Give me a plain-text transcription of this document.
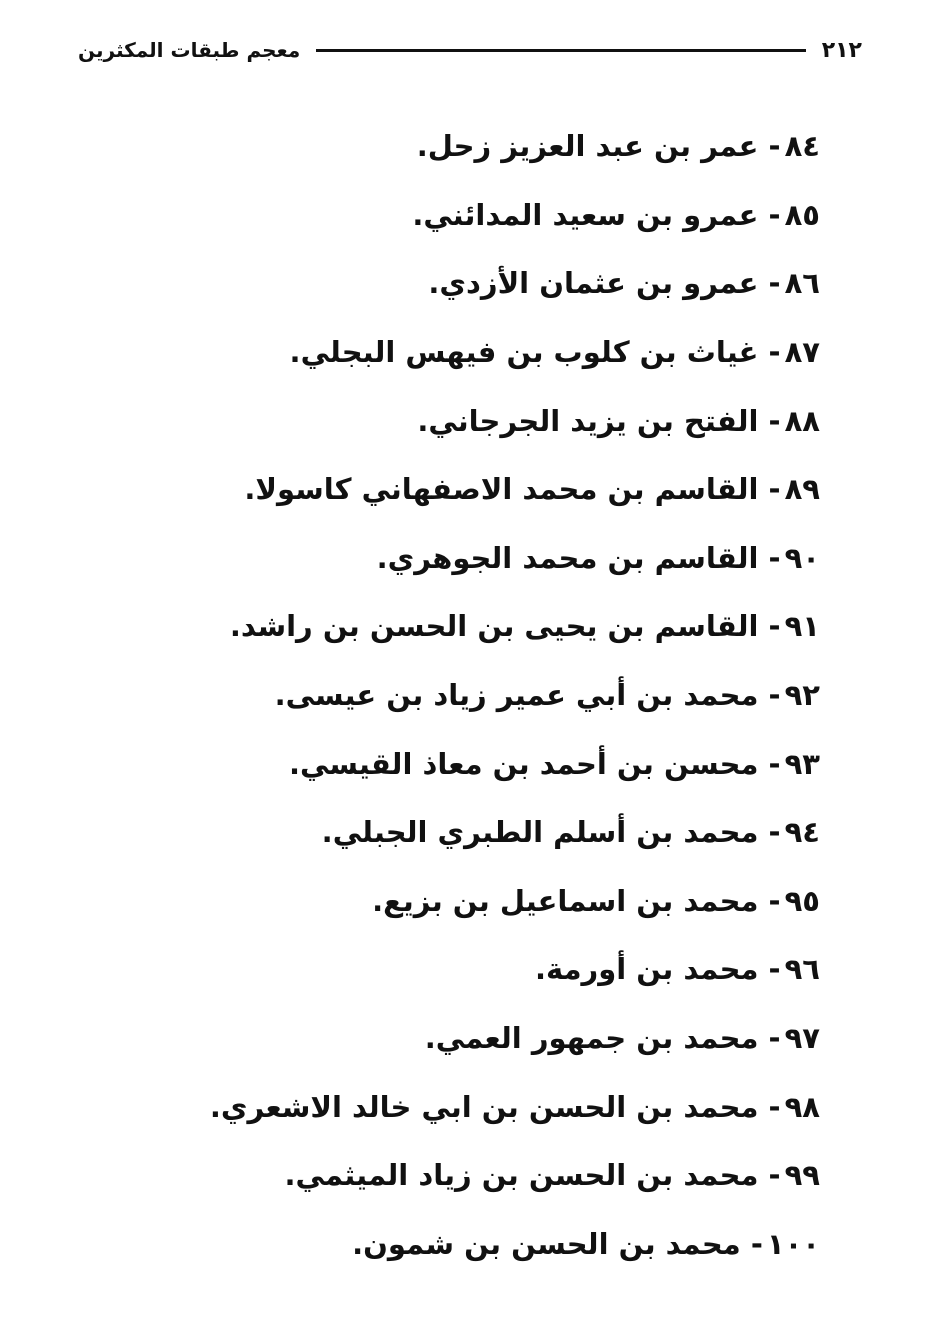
٢١٢
معجم طبقات المكثرين
٨٤
-

عمر بن عبد العزيز زحل.
٨٥
-

عمرو بن سعيد المدائني.
٨٦
-

عمرو بن عثمان الأزدي.
٨٧
-

غياث بن كلوب بن فيهس البجلي.
٨٨
-

الفتح بن يزيد الجرجاني.
٨٩
-

القاسم بن محمد الاصفهاني كاسولا.
٩٠
-

القاسم بن محمد الجوهري.
٩١
-

القاسم بن يحيى بن الحسن بن راشد.
٩٢
-

محمد بن أبي عمير زياد بن عيسى.
٩٣
-

محسن بن أحمد بن معاذ القيسي.
٩٤
-

محمد بن أسلم الطبري الجبلي.
٩٥
-

محمد بن اسماعيل بن بزيع.
٩٦
-

محمد بن أورمة.
٩٧
-

محمد بن جمهور العمي.
٩٨
-

محمد بن الحسن بن ابي خالد الاشعري.
٩٩
-

محمد بن الحسن بن زياد الميثمي.
١٠٠
-

محمد بن الحسن بن شمون.
